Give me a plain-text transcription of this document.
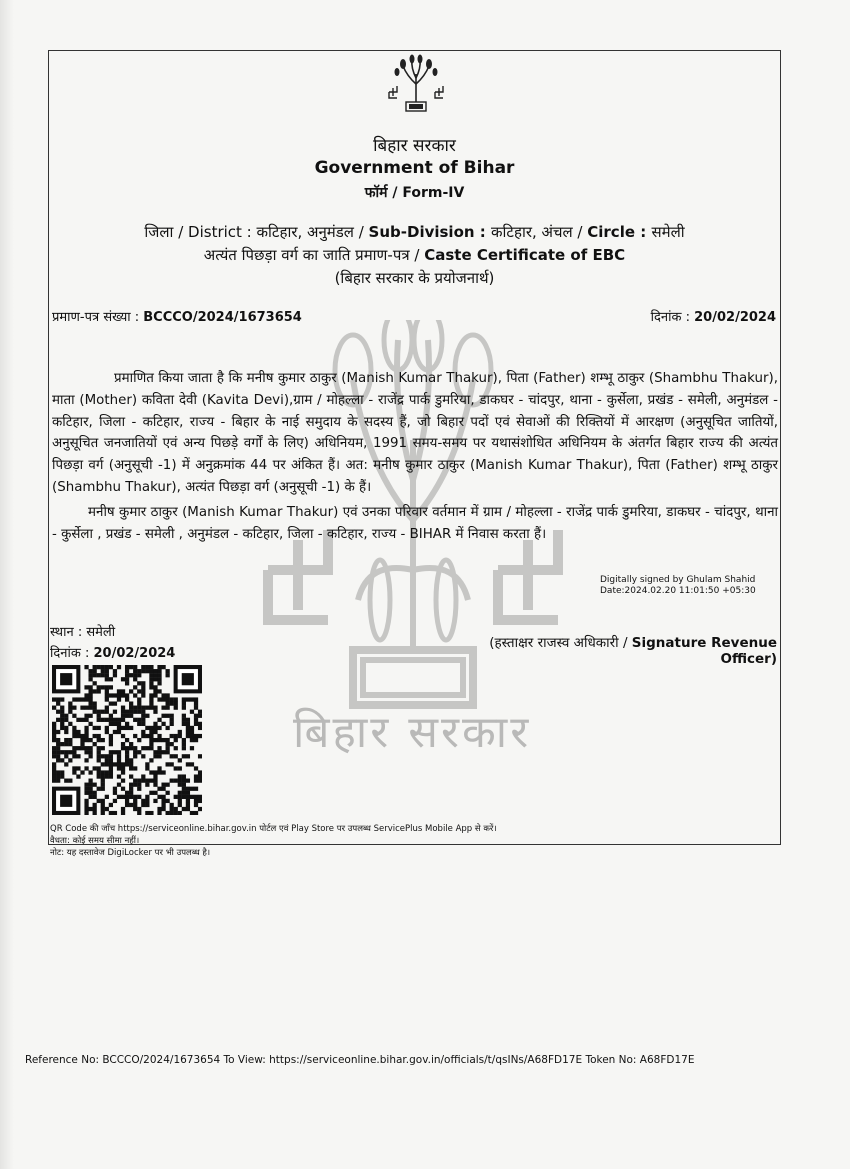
बिहार सरकार
Government of Bihar
फॉर्म / Form-IV
जिला / District : कटिहार, अनुमंडल / Sub-Division : कटिहार, अंचल / Circle : समेली
अत्यंत पिछड़ा वर्ग का जाति प्रमाण-पत्र / Caste Certificate of EBC
(बिहार सरकार के प्रयोजनार्थ)
प्रमाण-पत्र संख्या : BCCCO/2024/1673654	दिनांक : 20/02/2024
बिहार सरकार
प्रमाणित किया जाता है कि मनीष कुमार ठाकुर (Manish Kumar Thakur), पिता (Father) शम्भू ठाकुर (Shambhu Thakur), माता (Mother) कविता देवी (Kavita Devi),ग्राम / मोहल्ला - राजेंद्र पार्क डुमरिया, डाकघर - चांदपुर, थाना - कुर्सेला, प्रखंड - समेली, अनुमंडल - कटिहार, जिला - कटिहार, राज्य - बिहार के नाई समुदाय के सदस्य हैं, जो बिहार पदों एवं सेवाओं की रिक्तियों में आरक्षण (अनुसूचित जातियों, अनुसूचित जनजातियों एवं अन्य पिछड़े वर्गों के लिए) अधिनियम, 1991 समय-समय पर यथासंशोधित अधिनियम के अंतर्गत बिहार राज्य की अत्यंत पिछड़ा वर्ग (अनुसूची -1) में अनुक्रमांक 44 पर अंकित हैं। अत: मनीष कुमार ठाकुर (Manish Kumar Thakur), पिता (Father) शम्भू ठाकुर (Shambhu Thakur), अत्यंत पिछड़ा वर्ग (अनुसूची -1) के हैं।
मनीष कुमार ठाकुर (Manish Kumar Thakur) एवं उनका परिवार वर्तमान में ग्राम / मोहल्ला - राजेंद्र पार्क डुमरिया, डाकघर - चांदपुर, थाना - कुर्सेला , प्रखंड - समेली , अनुमंडल - कटिहार, जिला - कटिहार, राज्य - BIHAR में निवास करता हैं।
Digitally signed by Ghulam Shahid
Date:2024.02.20 11:01:50 +05:30
स्थान : समेली
दिनांक : 20/02/2024
(हस्ताक्षर राजस्व अधिकारी / Signature Revenue Officer)
QR Code की जाँच https://serviceonline.bihar.gov.in पोर्टल एवं Play Store पर उपलब्ध ServicePlus Mobile App से करें।
वैधता: कोई समय सीमा नहीं।
नोट: यह दस्तावेज DigiLocker पर भी उपलब्ध है।
Reference No: BCCCO/2024/1673654 To View: https://serviceonline.bihar.gov.in/officials/t/qsINs/A68FD17E Token No: A68FD17E
